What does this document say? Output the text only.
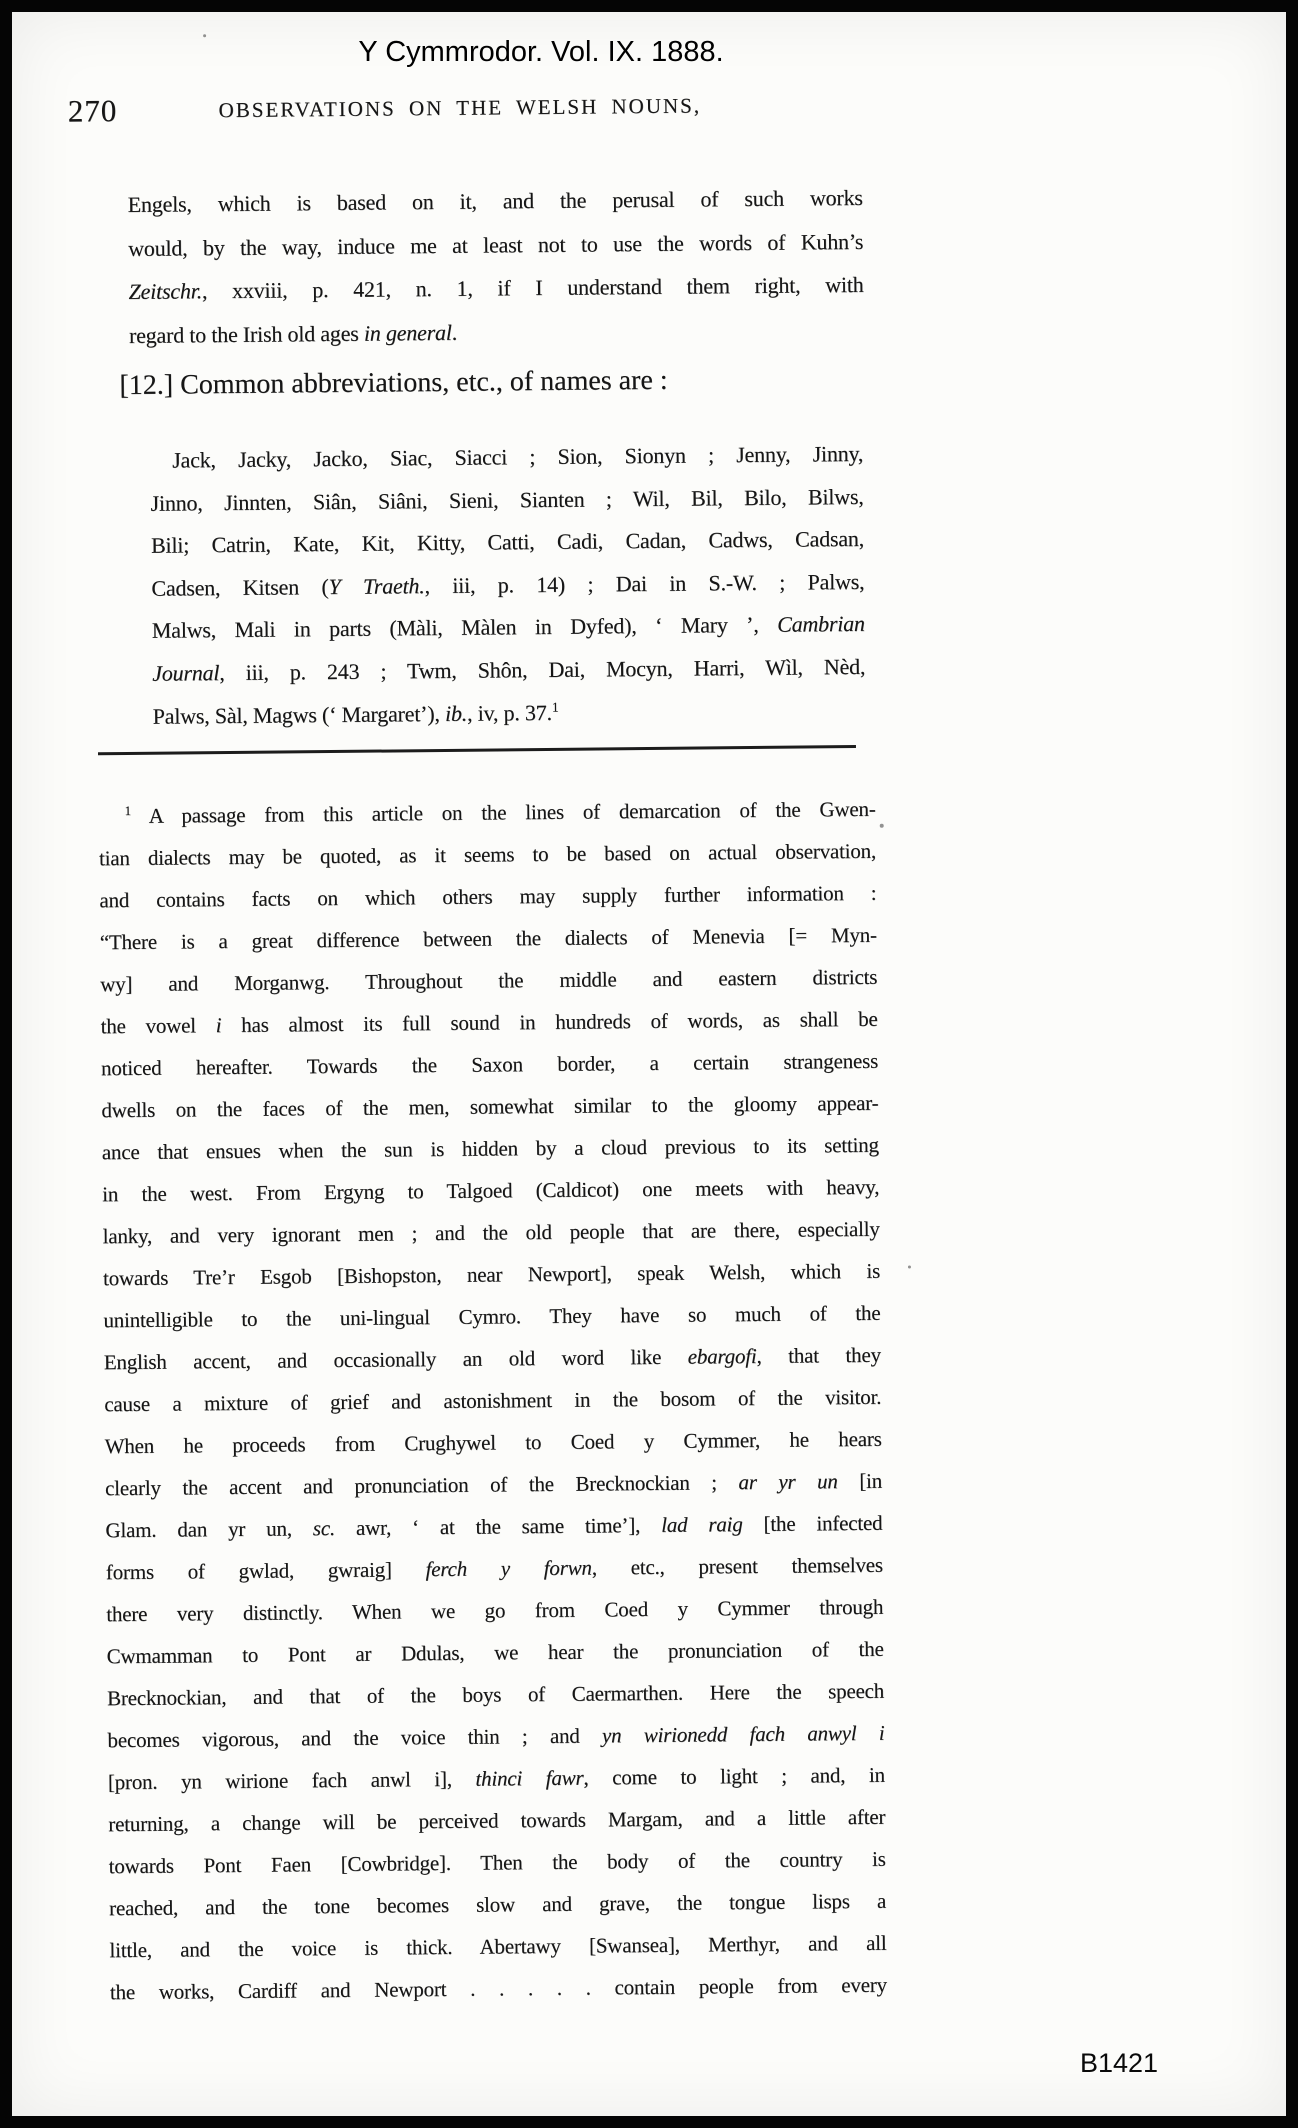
Y Cymmrodor. Vol. IX. 1888.
270	OBSERVATIONS ON THE WELSH NOUNS,
Engels, which is based on it, and the perusal of such works
would, by the way, induce me at least not to use the words of Kuhn’s
Zeitschr., xxviii, p. 421, n. 1, if I understand them right, with
regard to the Irish old ages in general.
[12.] Common abbreviations, etc., of names are :
Jack, Jacky, Jacko, Siac, Siacci ; Sion, Sionyn ; Jenny, Jinny,
Jinno, Jinnten, Siân, Siâni, Sieni, Sianten ; Wil, Bil, Bilo, Bilws,
Bili; Catrin, Kate, Kit, Kitty, Catti, Cadi, Cadan, Cadws, Cadsan,
Cadsen, Kitsen (Y Traeth., iii, p. 14) ; Dai in S.-W. ; Palws,
Malws, Mali in parts (Màli, Màlen in Dyfed), ‘ Mary ’, Cambrian
Journal, iii, p. 243 ; Twm, Shôn, Dai, Mocyn, Harri, Wìl, Nèd,
Palws, Sàl, Magws (‘ Margaret’), ib., iv, p. 37.$^1$
$^1$ A passage from this article on the lines of demarcation of the Gwen-
tian dialects may be quoted, as it seems to be based on actual observation,
and contains facts on which others may supply further information :
“There is a great difference between the dialects of Menevia [= Myn-
wy] and Morganwg. Throughout the middle and eastern districts
the vowel i has almost its full sound in hundreds of words, as shall be
noticed hereafter. Towards the Saxon border, a certain strangeness
dwells on the faces of the men, somewhat similar to the gloomy appear-
ance that ensues when the sun is hidden by a cloud previous to its setting
in the west. From Ergyng to Talgoed (Caldicot) one meets with heavy,
lanky, and very ignorant men ; and the old people that are there, especially
towards Tre’r Esgob [Bishopston, near Newport], speak Welsh, which is
unintelligible to the uni-lingual Cymro. They have so much of the
English accent, and occasionally an old word like ebargofi, that they
cause a mixture of grief and astonishment in the bosom of the visitor.
When he proceeds from Crughywel to Coed y Cymmer, he hears
clearly the accent and pronunciation of the Brecknockian ; ar yr un [in
Glam. dan yr un, sc. awr, ‘ at the same time’], lad raig [the infected
forms of gwlad, gwraig] ferch y forwn, etc., present themselves
there very distinctly. When we go from Coed y Cymmer through
Cwmamman to Pont ar Ddulas, we hear the pronunciation of the
Brecknockian, and that of the boys of Caermarthen. Here the speech
becomes vigorous, and the voice thin ; and yn wirionedd fach anwyl i
[pron. yn wirione fach anwl i], thinci fawr, come to light ; and, in
returning, a change will be perceived towards Margam, and a little after
towards Pont Faen [Cowbridge]. Then the body of the country is
reached, and the tone becomes slow and grave, the tongue lisps a
little, and the voice is thick. Abertawy [Swansea], Merthyr, and all
the works, Cardiff and Newport . . . . . contain people from every
B1421
